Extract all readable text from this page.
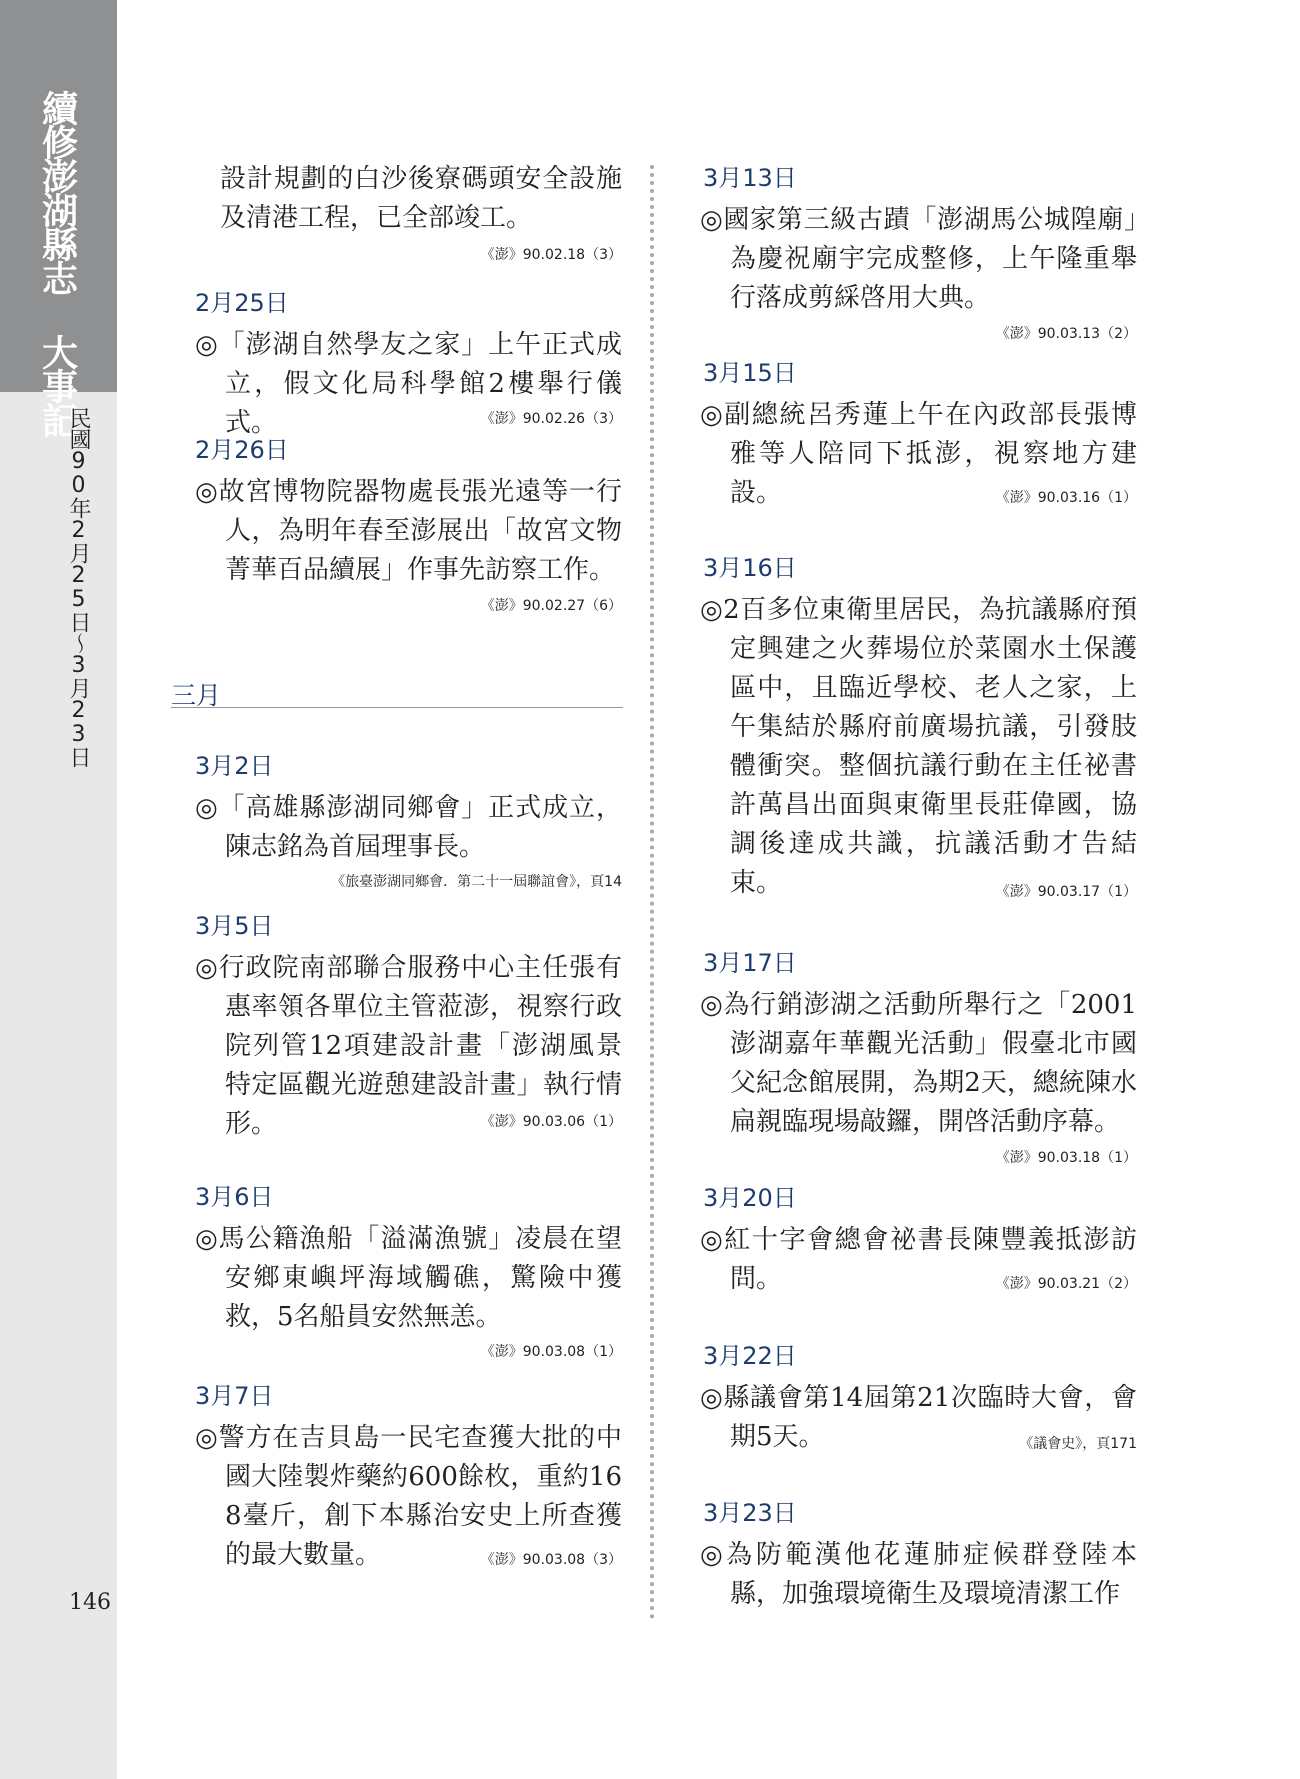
續修澎湖縣志 大事記
民國90年2月25日〜3月23日
146

設計規劃的白沙後寮碼頭安全設施及清港工程，已全部竣工。

《澎》90.02.18（3）
2月25日

◎「澎湖自然學友之家」上午正式成立，假文化局科學館2樓舉行儀式。	《澎》90.02.26（3）
2月26日

◎故宮博物院器物處長張光遠等一行人，為明年春至澎展出「故宮文物菁華百品續展」作事先訪察工作。

《澎》90.02.27（6）
三月
3月2日

◎「高雄縣澎湖同鄉會」正式成立，陳志銘為首屆理事長。

《旅臺澎湖同鄉會．第二十一屆聯誼會》，頁14
3月5日

◎行政院南部聯合服務中心主任張有惠率領各單位主管蒞澎，視察行政院列管12項建設計畫「澎湖風景特定區觀光遊憩建設計畫」執行情形。	《澎》90.03.06（1）
3月6日

◎馬公籍漁船「溢滿漁號」凌晨在望安鄉東嶼坪海域觸礁，驚險中獲救，5名船員安然無恙。

《澎》90.03.08（1）
3月7日

◎警方在吉貝島一民宅查獲大批的中國大陸製炸藥約600餘枚，重約168臺斤，創下本縣治安史上所查獲的最大數量。	《澎》90.03.08（3）
3月13日

◎國家第三級古蹟「澎湖馬公城隍廟」為慶祝廟宇完成整修，上午隆重舉行落成剪綵啓用大典。

《澎》90.03.13（2）
3月15日

◎副總統呂秀蓮上午在內政部長張博雅等人陪同下抵澎，視察地方建設。	《澎》90.03.16（1）
3月16日

◎2百多位東衛里居民，為抗議縣府預定興建之火葬場位於菜園水土保護區中，且臨近學校、老人之家，上午集結於縣府前廣場抗議，引發肢體衝突。整個抗議行動在主任祕書許萬昌出面與東衛里長莊偉國，協調後達成共識，抗議活動才告結束。	《澎》90.03.17（1）
3月17日

◎為行銷澎湖之活動所舉行之「2001澎湖嘉年華觀光活動」假臺北市國父紀念館展開，為期2天，總統陳水扁親臨現場敲鑼，開啓活動序幕。

《澎》90.03.18（1）
3月20日

◎紅十字會總會祕書長陳豐義抵澎訪問。	《澎》90.03.21（2）
3月22日

◎縣議會第14屆第21次臨時大會，會期5天。	《議會史》，頁171
3月23日

◎為防範漢他花蓮肺症候群登陸本縣，加強環境衛生及環境清潔工作
